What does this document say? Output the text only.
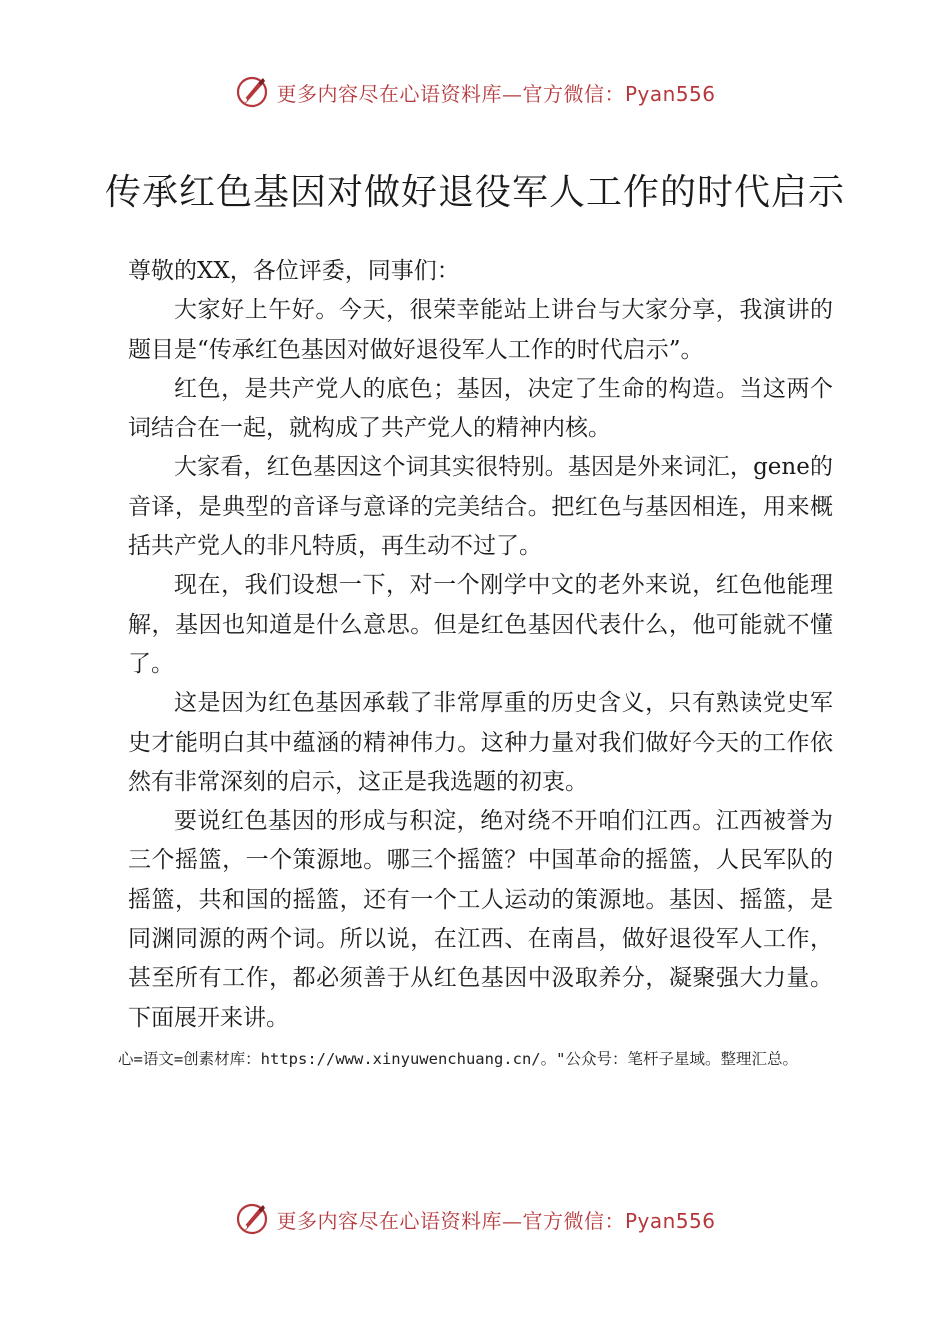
更多内容尽在心语资料库—官方微信：Pyan556
传承红色基因对做好退役军人工作的时代启示

尊敬的XX，各位评委，同事们：

大家好上午好。今天，很荣幸能站上讲台与大家分享，我演讲的题目是“传承红色基因对做好退役军人工作的时代启示”。

红色，是共产党人的底色；基因，决定了生命的构造。当这两个词结合在一起，就构成了共产党人的精神内核。

大家看，红色基因这个词其实很特别。基因是外来词汇，gene的音译，是典型的音译与意译的完美结合。把红色与基因相连，用来概括共产党人的非凡特质，再生动不过了。

现在，我们设想一下，对一个刚学中文的老外来说，红色他能理解，基因也知道是什么意思。但是红色基因代表什么，他可能就不懂了。

这是因为红色基因承载了非常厚重的历史含义，只有熟读党史军史才能明白其中蕴涵的精神伟力。这种力量对我们做好今天的工作依然有非常深刻的启示，这正是我选题的初衷。

要说红色基因的形成与积淀，绝对绕不开咱们江西。江西被誉为三个摇篮，一个策源地。哪三个摇篮？中国革命的摇篮，人民军队的摇篮，共和国的摇篮，还有一个工人运动的策源地。基因、摇篮，是同渊同源的两个词。所以说，在江西、在南昌，做好退役军人工作，甚至所有工作，都必须善于从红色基因中汲取养分，凝聚强大力量。下面展开来讲。

心=语文=创素材库：https://www.xinyuwenchuang.cn/。"公众号：笔杆子星域。整理汇总。
更多内容尽在心语资料库—官方微信：Pyan556
